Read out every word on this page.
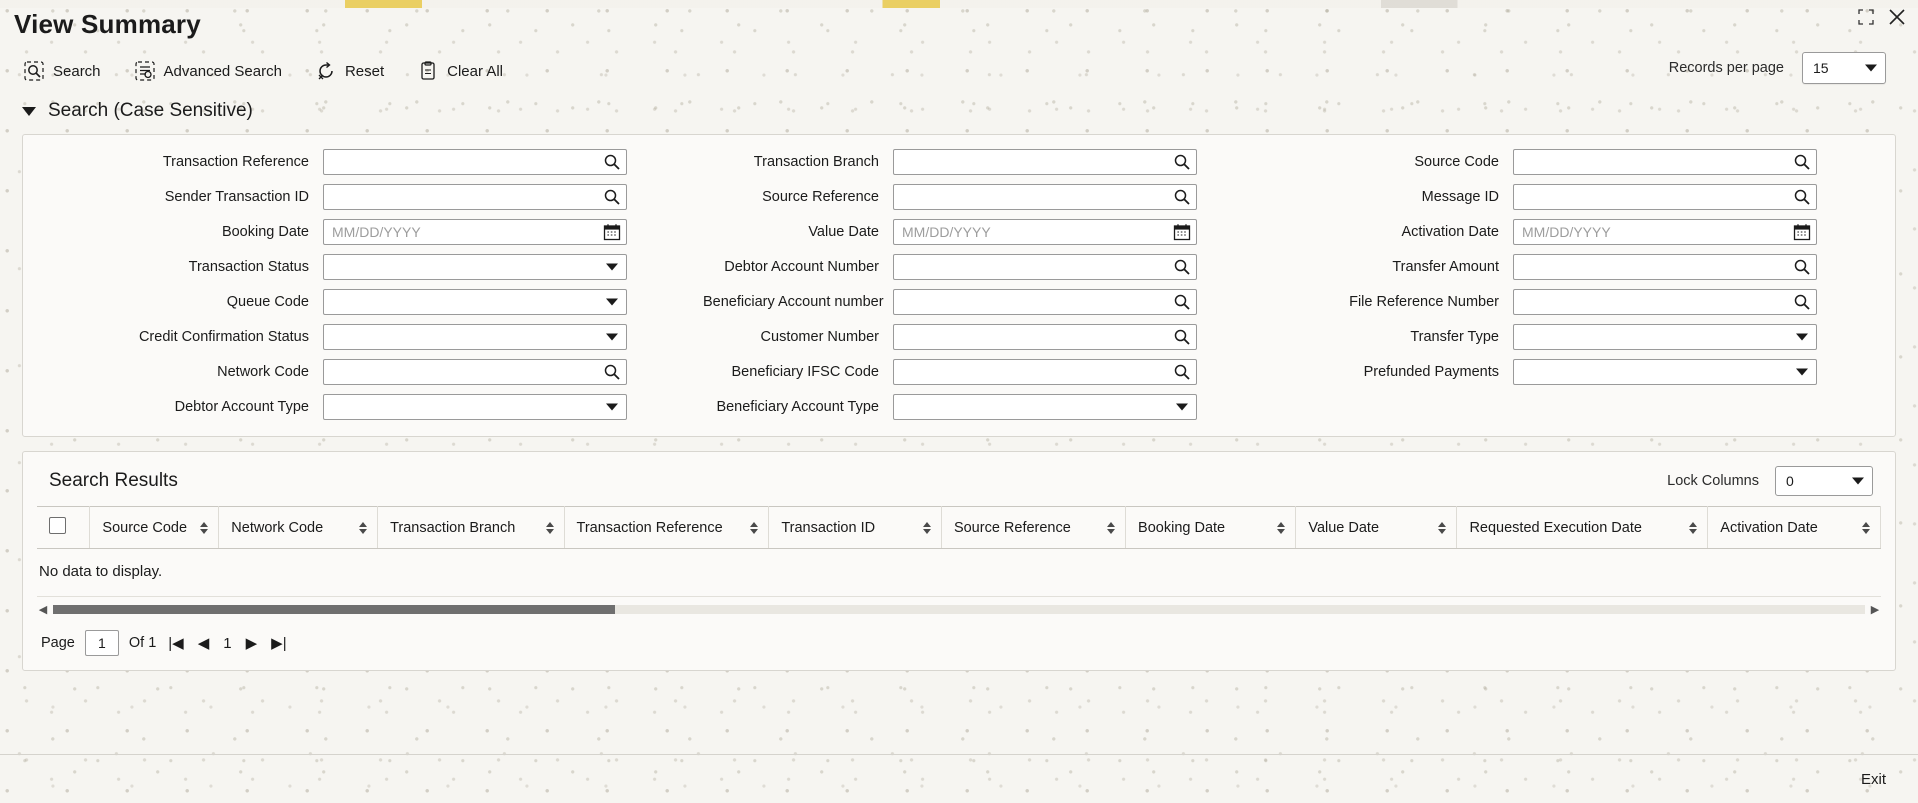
View Summary
Search	Advanced Search	Reset	Clear All	Records per page 15
Search (Case Sensitive)
Transaction Reference	Transaction Branch	Source Code
Sender Transaction ID	Source Reference	Message ID
Booking Date	MM/DD/YYYY	Value Date	MM/DD/YYYY	Activation Date	MM/DD/YYYY
Transaction Status	Debtor Account Number	Transfer Amount
Queue Code	Beneficiary Account number	File Reference Number
Credit Confirmation Status	Customer Number	Transfer Type
Network Code	Beneficiary IFSC Code	Prefunded Payments
Debtor Account Type	Beneficiary Account Type
Search Results	Lock Columns 0

Source Code	Network Code	Transaction Branch	Transaction Reference	Transaction ID	Source Reference	Booking Date	Value Date	Requested Execution Date	Activation Date
No data to display.
◀	▶
Page 1 Of 1 |◀ ◀ 1 ▶ ▶|
Exit
